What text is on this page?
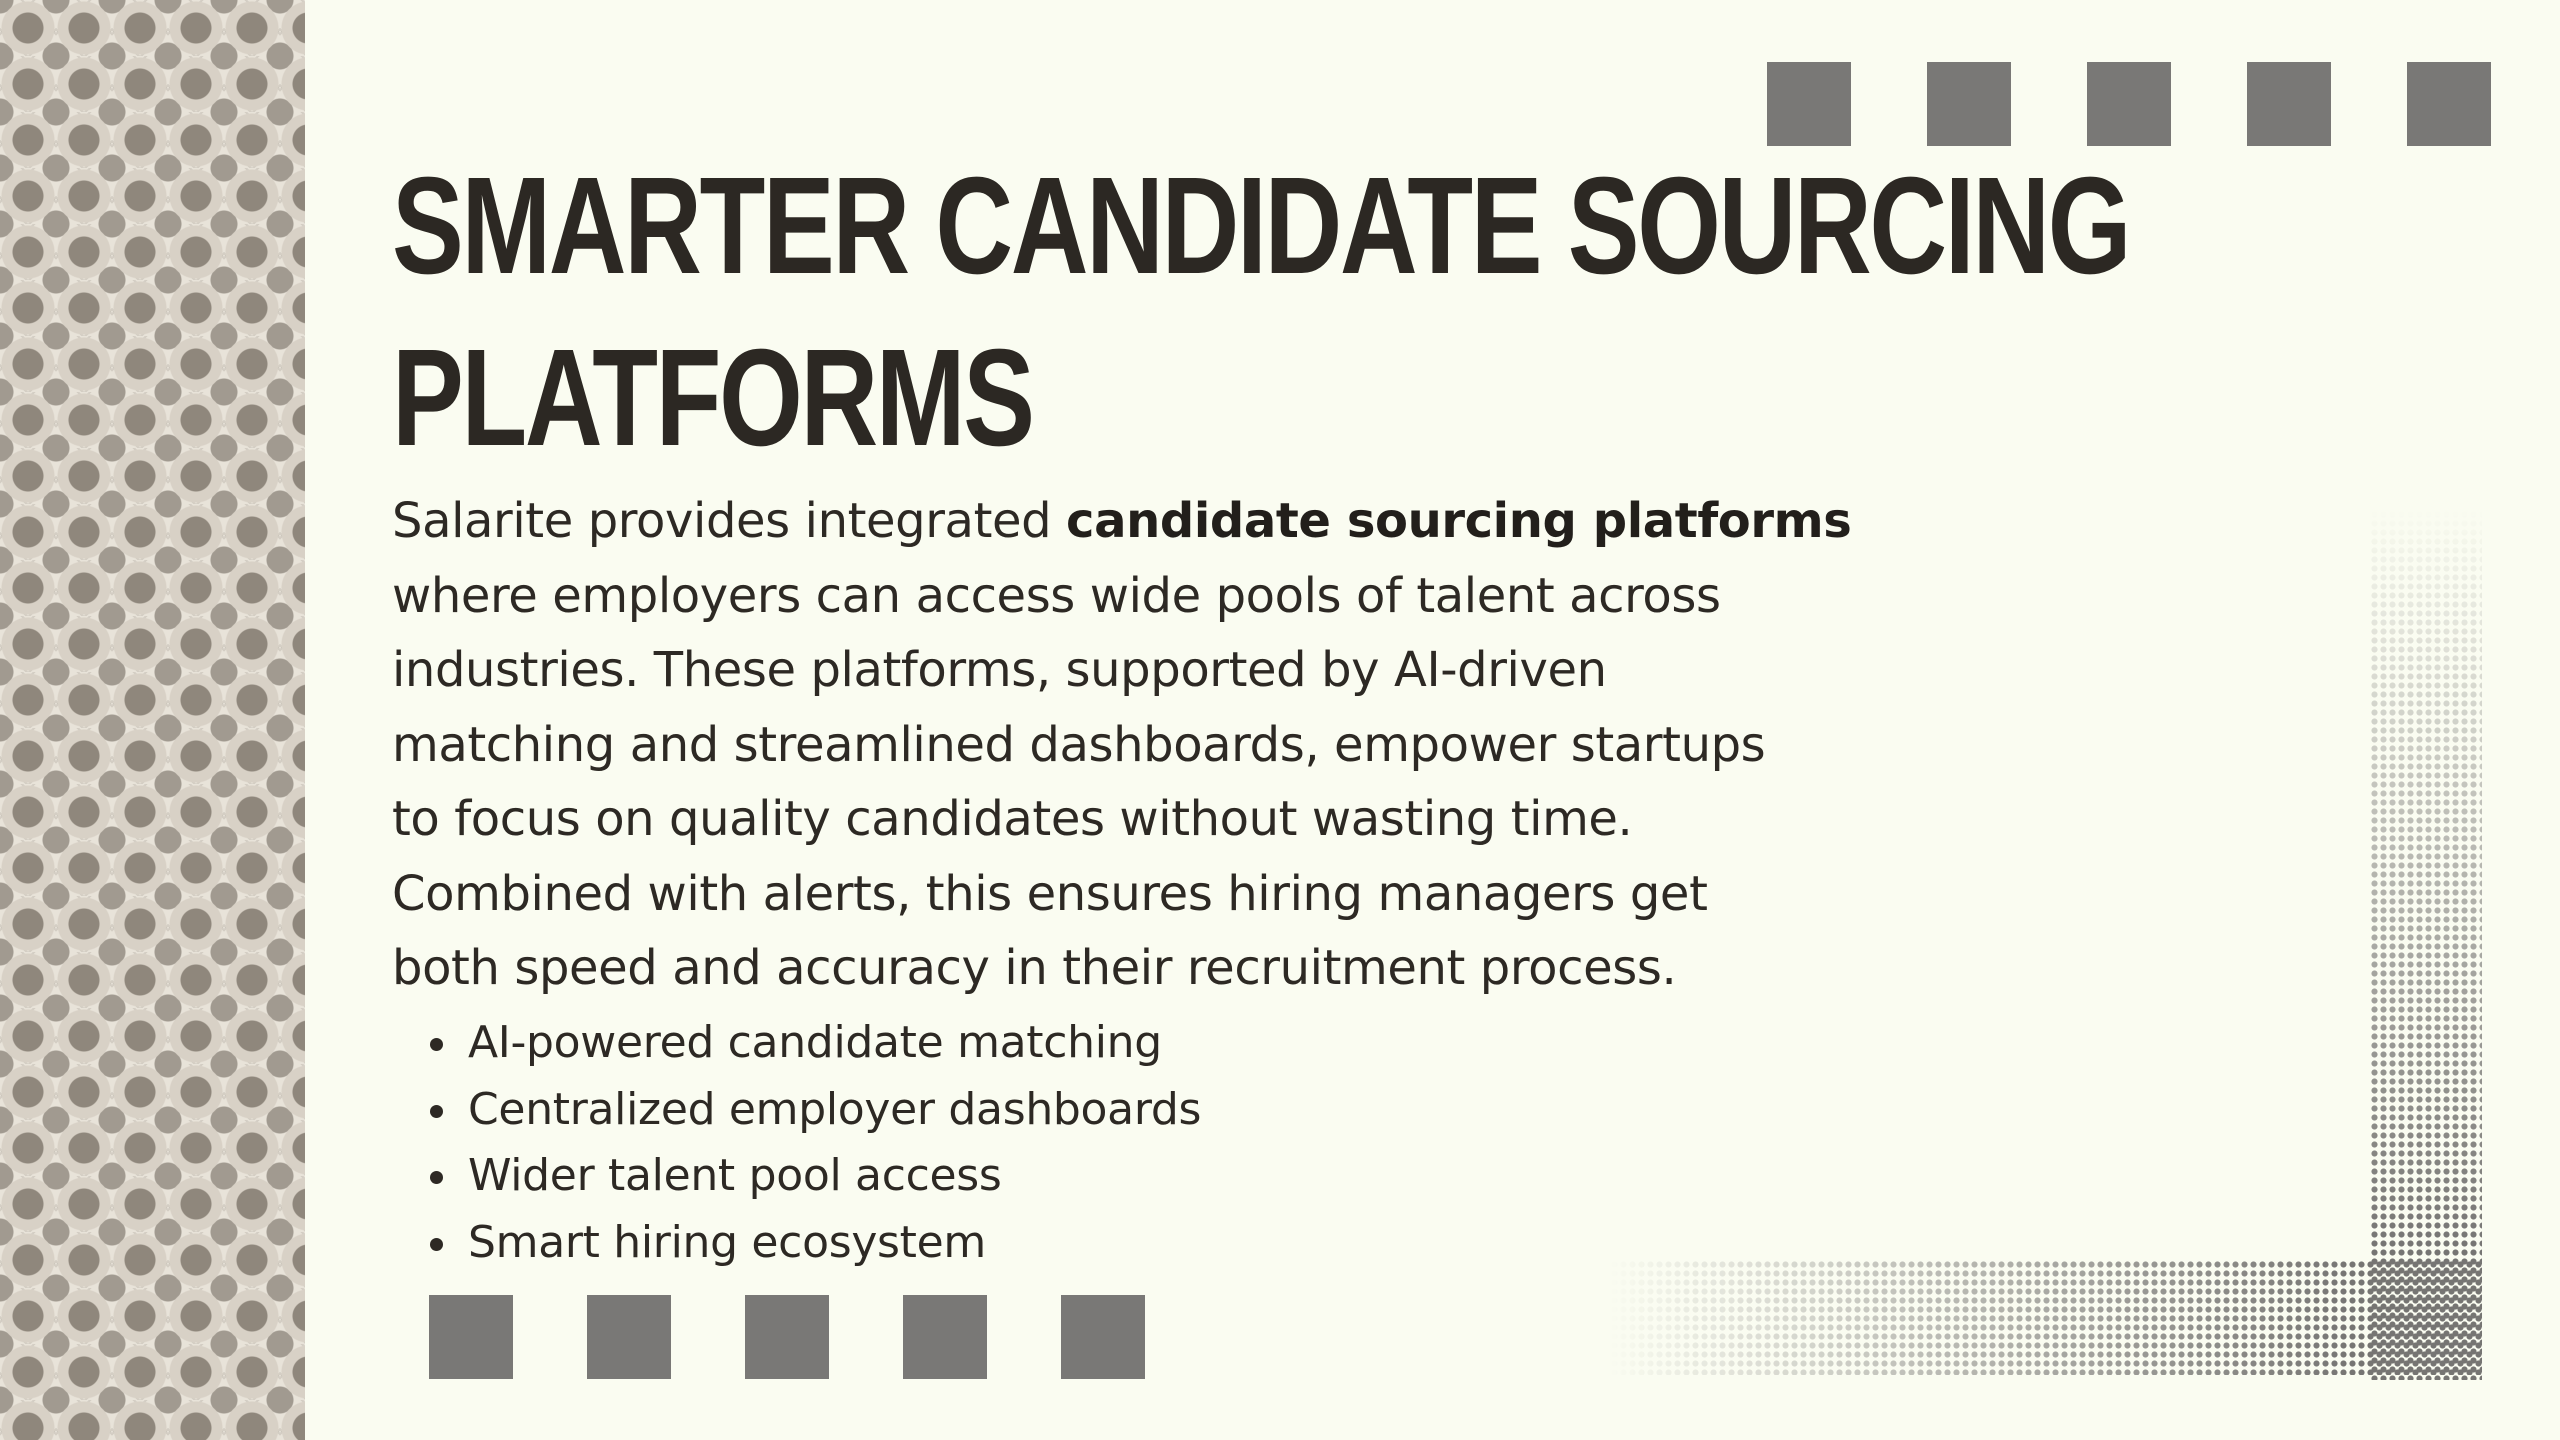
SMARTER CANDIDATE SOURCING
PLATFORMS

Salarite provides integrated candidate sourcing platforms
where employers can access wide pools of talent across
industries. These platforms, supported by AI-driven
matching and streamlined dashboards, empower startups
to focus on quality candidates without wasting time.
Combined with alerts, this ensures hiring managers get
both speed and accuracy in their recruitment process.

AI-powered candidate matching
Centralized employer dashboards
Wider talent pool access
Smart hiring ecosystem
